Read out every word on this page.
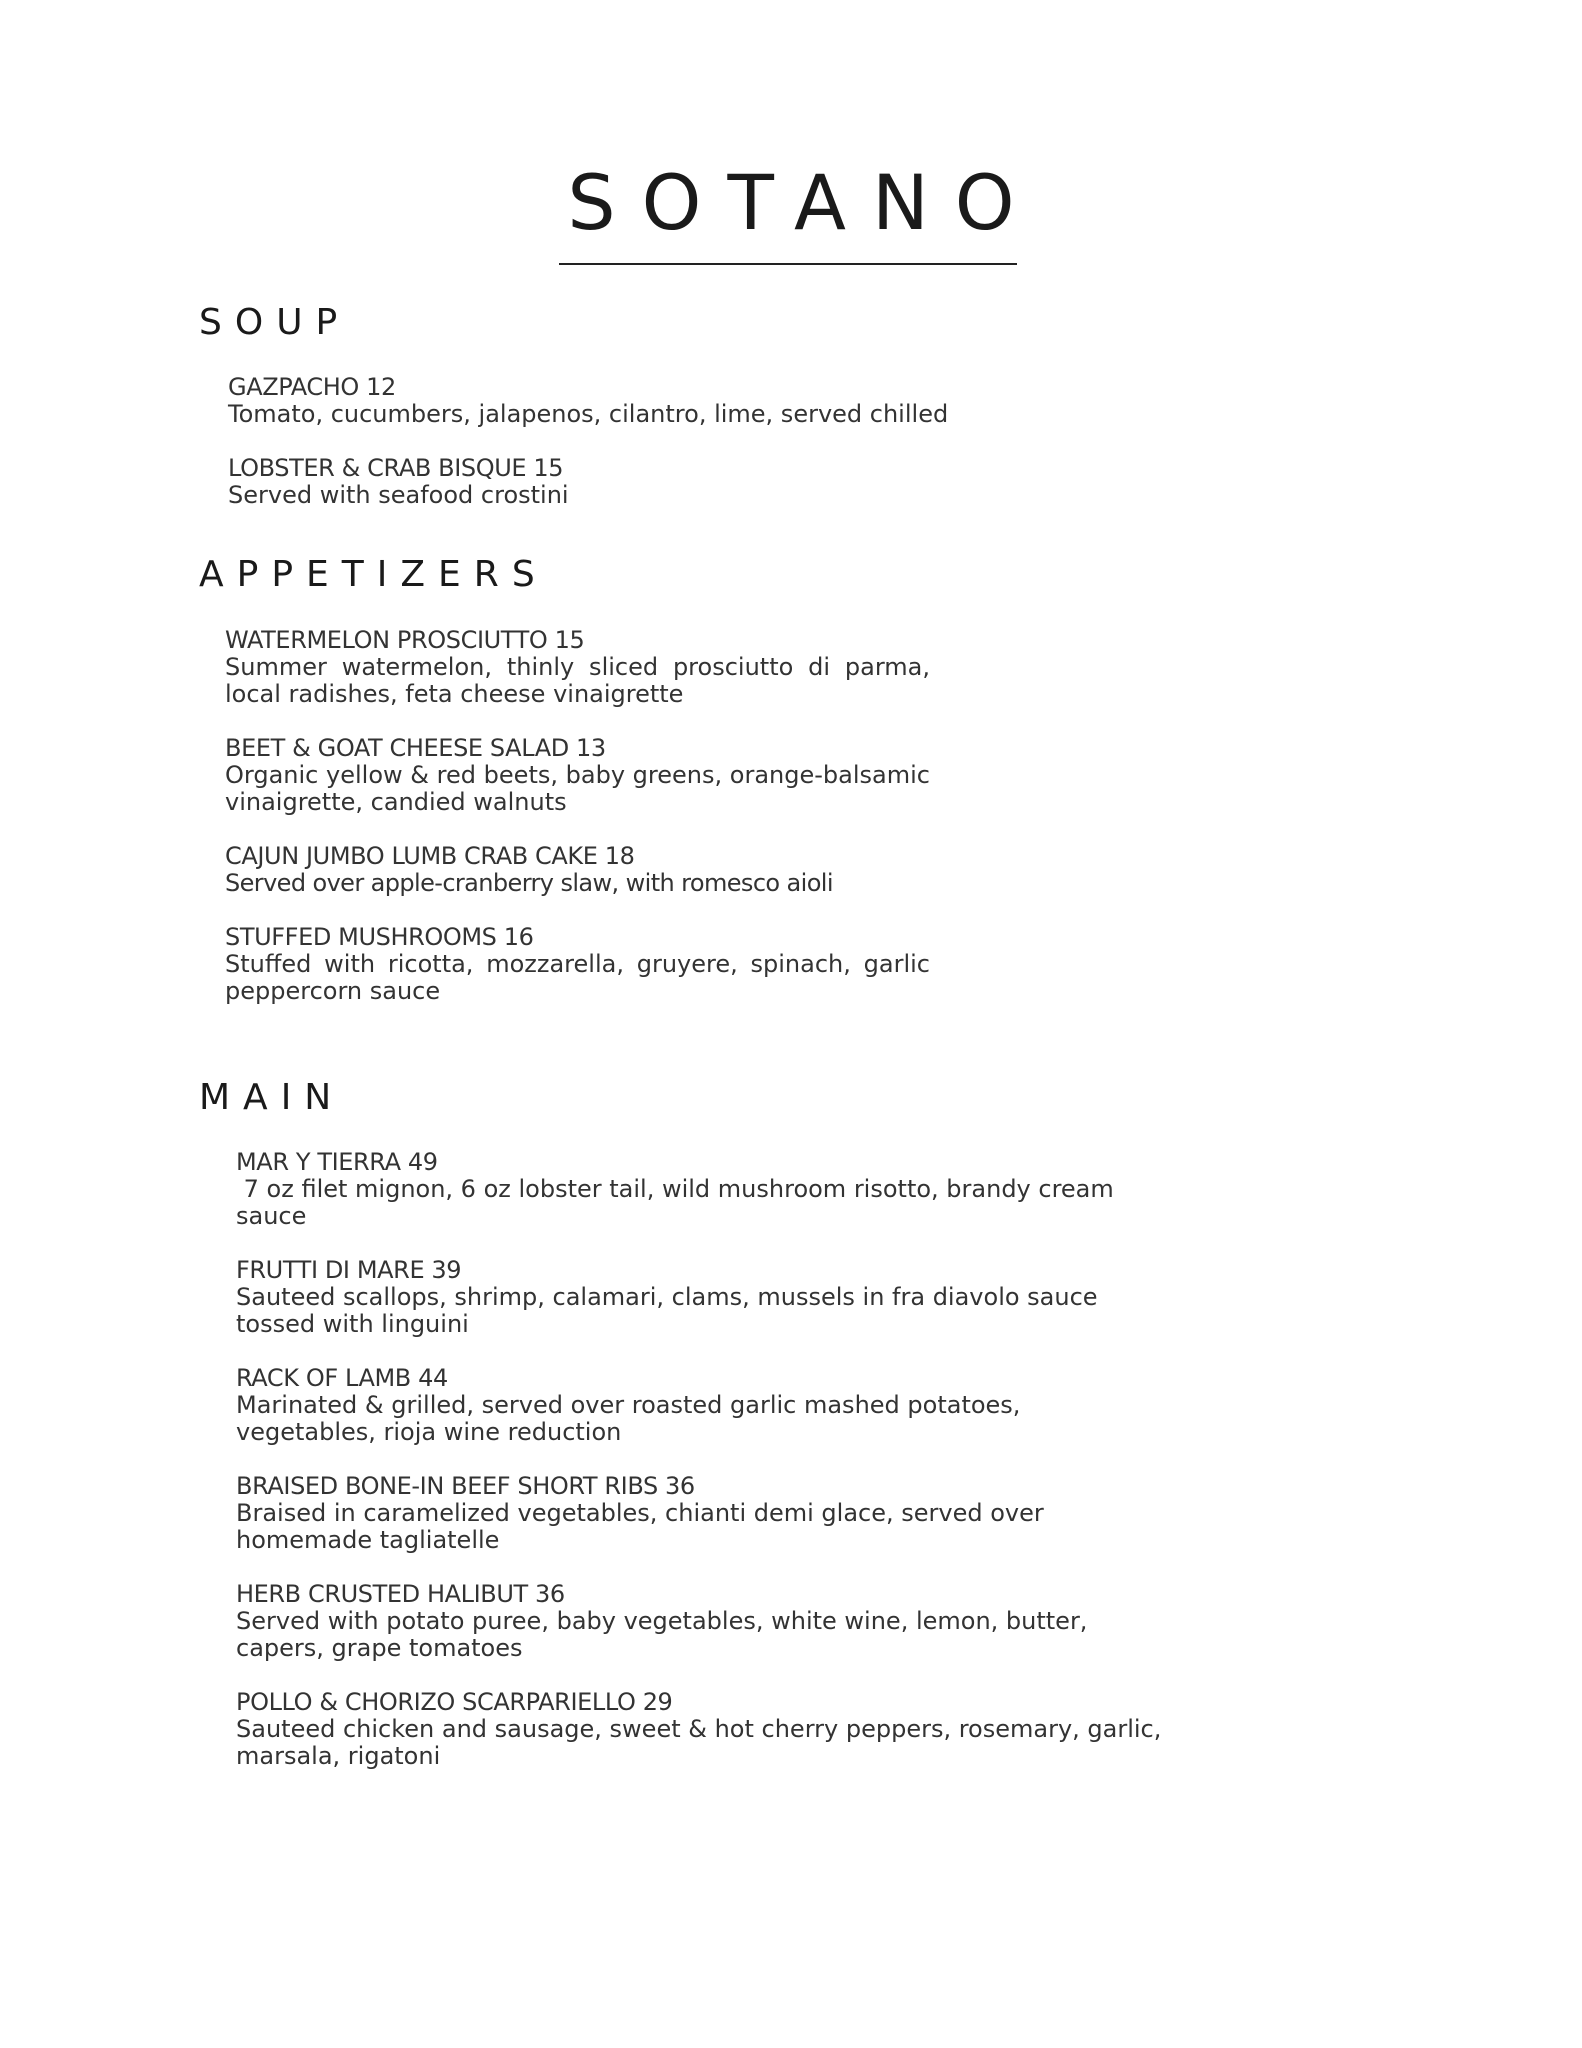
SOTANO
SOUP
GAZPACHO 12
Tomato, cucumbers, jalapenos, cilantro, lime, served chilled
LOBSTER & CRAB BISQUE 15
Served with seafood crostini
APPETIZERS
WATERMELON PROSCIUTTO 15
Summer watermelon, thinly sliced prosciutto di parma, local radishes, feta cheese vinaigrette
BEET & GOAT CHEESE SALAD 13
Organic yellow & red beets, baby greens, orange-balsamic vinaigrette, candied walnuts
CAJUN JUMBO LUMB CRAB CAKE 18
Served over apple-cranberry slaw, with romesco aioli
STUFFED MUSHROOMS 16
Stuffed with ricotta, mozzarella, gruyere, spinach, garlic peppercorn sauce
MAIN
MAR Y TIERRA 49
7 oz filet mignon, 6 oz lobster tail, wild mushroom risotto, brandy cream sauce
FRUTTI DI MARE 39
Sauteed scallops, shrimp, calamari, clams, mussels in fra diavolo sauce tossed with linguini
RACK OF LAMB 44
Marinated & grilled, served over roasted garlic mashed potatoes, vegetables, rioja wine reduction
BRAISED BONE-IN BEEF SHORT RIBS 36
Braised in caramelized vegetables, chianti demi glace, served over homemade tagliatelle
HERB CRUSTED HALIBUT 36
Served with potato puree, baby vegetables, white wine, lemon, butter, capers, grape tomatoes
POLLO & CHORIZO SCARPARIELLO 29
Sauteed chicken and sausage, sweet & hot cherry peppers, rosemary, garlic, marsala, rigatoni
